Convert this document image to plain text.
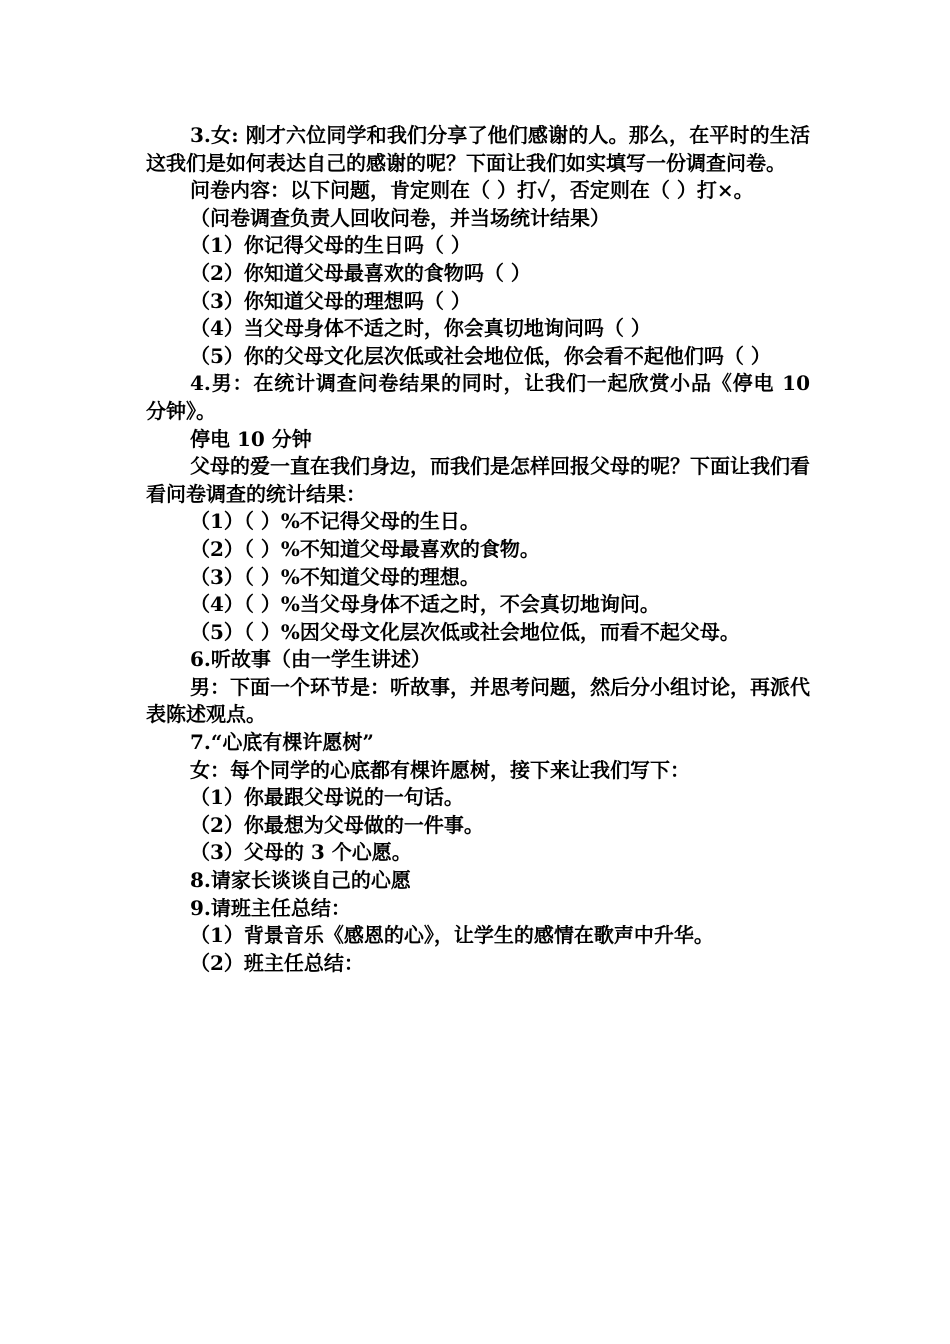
3.女: 刚才六位同学和我们分享了他们感谢的人。那么，在平时的生活这我们是如何表达自己的感谢的呢？下面让我们如实填写一份调查问卷。

问卷内容：以下问题，肯定则在（ ）打✓，否定则在（ ）打×。

（问卷调查负责人回收问卷，并当场统计结果）

（1）你记得父母的生日吗（ ）

（2）你知道父母最喜欢的食物吗（ ）

（3）你知道父母的理想吗（ ）

（4）当父母身体不适之时，你会真切地询问吗（ ）

（5）你的父母文化层次低或社会地位低，你会看不起他们吗（ ）

4.男：在统计调查问卷结果的同时，让我们一起欣赏小品《停电 10 分钟》。

停电 10 分钟

父母的爱一直在我们身边，而我们是怎样回报父母的呢？下面让我们看看问卷调查的统计结果：

（1）（ ）%不记得父母的生日。

（2）（ ）%不知道父母最喜欢的食物。

（3）（ ）%不知道父母的理想。

（4）（ ）%当父母身体不适之时，不会真切地询问。

（5）（ ）%因父母文化层次低或社会地位低，而看不起父母。

6.听故事（由一学生讲述）

男：下面一个环节是：听故事，并思考问题，然后分小组讨论，再派代表陈述观点。

7.“心底有棵许愿树”

女：每个同学的心底都有棵许愿树，接下来让我们写下：

（1）你最跟父母说的一句话。

（2）你最想为父母做的一件事。

（3）父母的 3 个心愿。

8.请家长谈谈自己的心愿

9.请班主任总结：

（1）背景音乐《感恩的心》，让学生的感情在歌声中升华。

（2）班主任总结：
